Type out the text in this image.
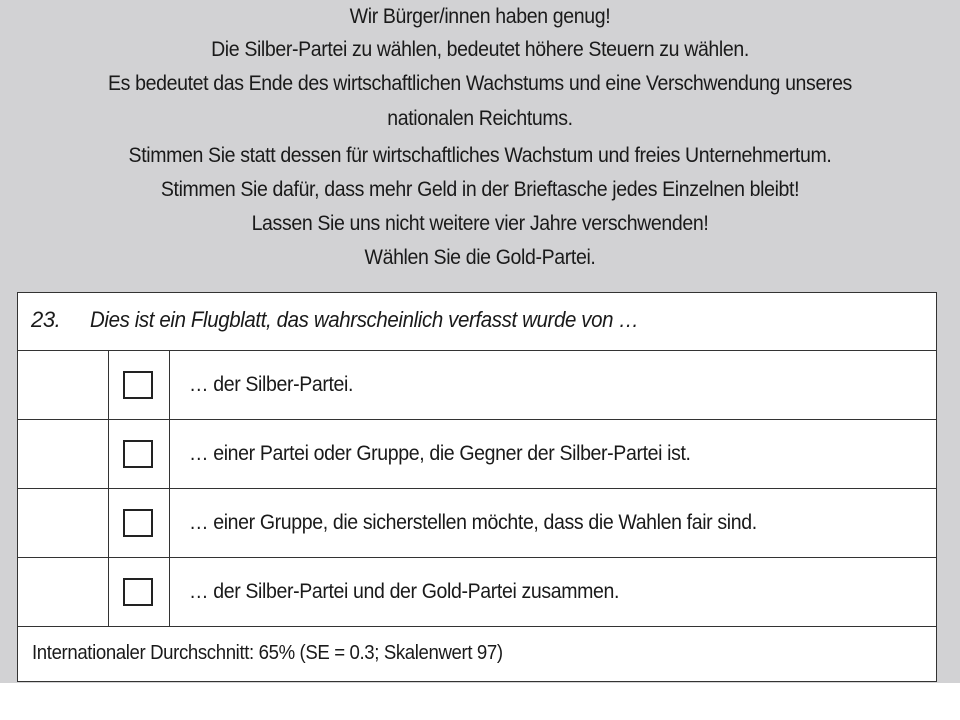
Wir Bürger/innen haben genug!
Die Silber-Partei zu wählen, bedeutet höhere Steuern zu wählen.
Es bedeutet das Ende des wirtschaftlichen Wachstums und eine Verschwendung unseres
nationalen Reichtums.
Stimmen Sie statt dessen für wirtschaftliches Wachstum und freies Unternehmertum.
Stimmen Sie dafür, dass mehr Geld in der Brieftasche jedes Einzelnen bleibt!
Lassen Sie uns nicht weitere vier Jahre verschwenden!
Wählen Sie die Gold-Partei.
23. Dies ist ein Flugblatt, das wahrscheinlich verfasst wurde von …
… der Silber-Partei.
… einer Partei oder Gruppe, die Gegner der Silber-Partei ist.
… einer Gruppe, die sicherstellen möchte, dass die Wahlen fair sind.
… der Silber-Partei und der Gold-Partei zusammen.
Internationaler Durchschnitt: 65% (SE = 0.3; Skalenwert 97)
